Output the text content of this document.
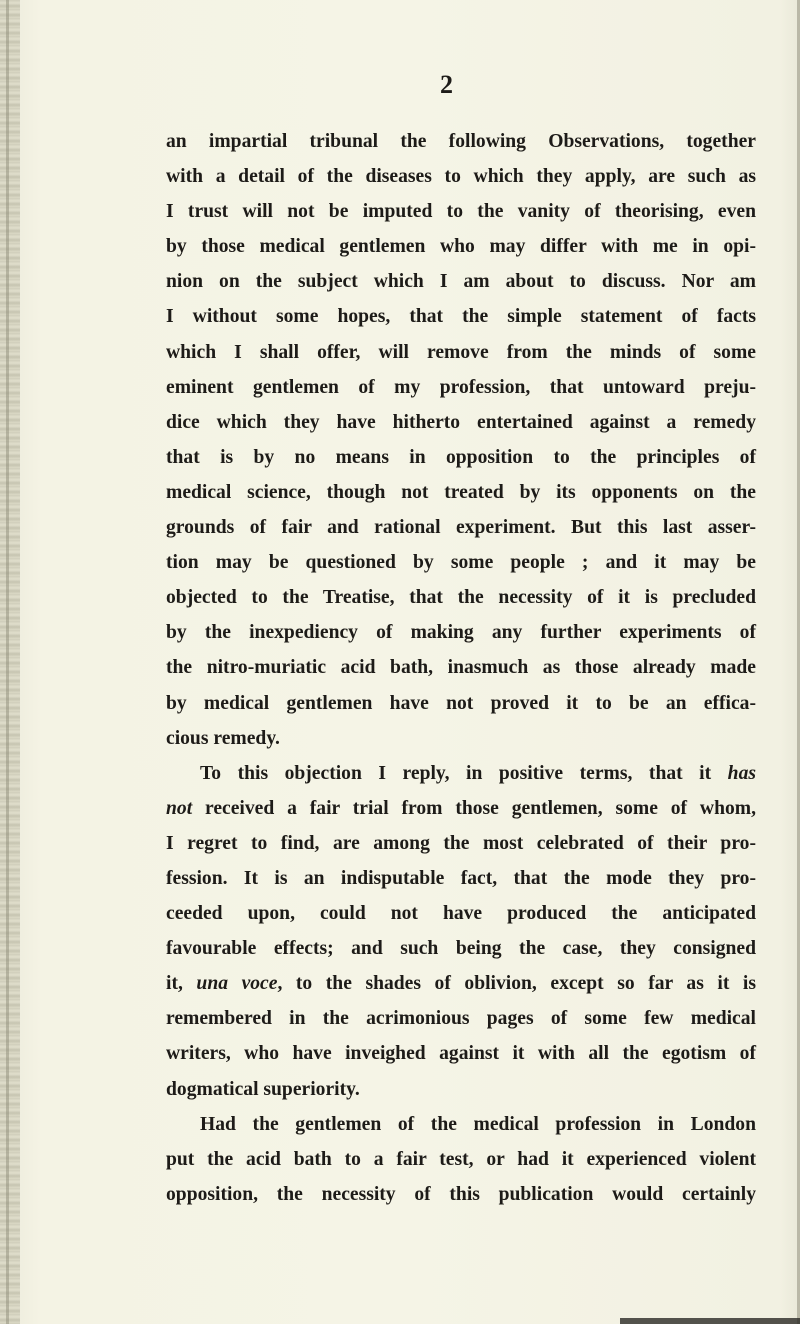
2
an impartial tribunal the following Observations, together
with a detail of the diseases to which they apply, are such as
I trust will not be imputed to the vanity of theorising, even
by those medical gentlemen who may differ with me in opi-
nion on the subject which I am about to discuss. Nor am
I without some hopes, that the simple statement of facts
which I shall offer, will remove from the minds of some
eminent gentlemen of my profession, that untoward preju-
dice which they have hitherto entertained against a remedy
that is by no means in opposition to the principles of
medical science, though not treated by its opponents on the
grounds of fair and rational experiment. But this last asser-
tion may be questioned by some people ; and it may be
objected to the Treatise, that the necessity of it is precluded
by the inexpediency of making any further experiments of
the nitro-muriatic acid bath, inasmuch as those already made
by medical gentlemen have not proved it to be an effica-
cious remedy.
To this objection I reply, in positive terms, that it has
not received a fair trial from those gentlemen, some of whom,
I regret to find, are among the most celebrated of their pro-
fession. It is an indisputable fact, that the mode they pro-
ceeded upon, could not have produced the anticipated
favourable effects; and such being the case, they consigned
it, una voce, to the shades of oblivion, except so far as it is
remembered in the acrimonious pages of some few medical
writers, who have inveighed against it with all the egotism of
dogmatical superiority.
Had the gentlemen of the medical profession in London
put the acid bath to a fair test, or had it experienced violent
opposition, the necessity of this publication would certainly
